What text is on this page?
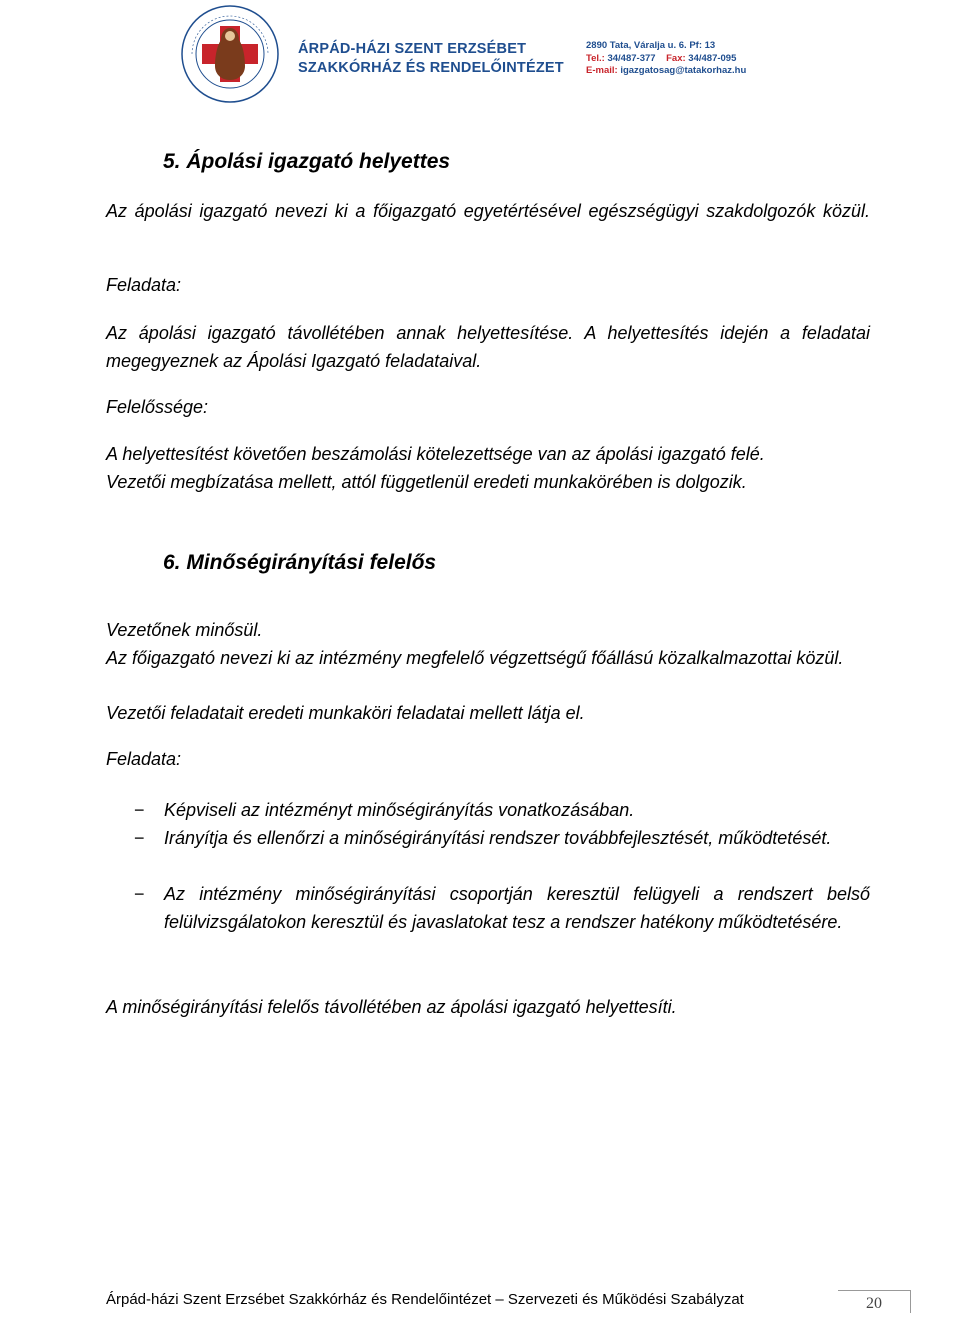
ÁRPÁD-HÁZI SZENT ERZSÉBET
SZAKKÓRHÁZ ÉS RENDELŐINTÉZET
2890 Tata, Váralja u. 6. Pf: 13
Tel.: 34/487-377 Fax: 34/487-095
E-mail: igazgatosag@tatakorhaz.hu
5. Ápolási igazgató helyettes
Az ápolási igazgató nevezi ki a főigazgató egyetértésével egészségügyi szakdolgozók közül.
Feladata:
Az ápolási igazgató távollétében annak helyettesítése. A helyettesítés idején a feladatai megegyeznek az Ápolási Igazgató feladataival.
Felelőssége:
A helyettesítést követően beszámolási kötelezettsége van az ápolási igazgató felé.
Vezetői megbízatása mellett, attól függetlenül eredeti munkakörében is dolgozik.
6. Minőségirányítási felelős
Vezetőnek minősül.
Az főigazgató nevezi ki az intézmény megfelelő végzettségű főállású közalkalmazottai közül.
Vezetői feladatait eredeti munkaköri feladatai mellett látja el.
Feladata:
− Képviseli az intézményt minőségirányítás vonatkozásában.
− Irányítja és ellenőrzi a minőségirányítási rendszer továbbfejlesztését, működtetését.
− Az intézmény minőségirányítási csoportján keresztül felügyeli a rendszert belső felülvizsgálatokon keresztül és javaslatokat tesz a rendszer hatékony működtetésére.
A minőségirányítási felelős távollétében az ápolási igazgató helyettesíti.
Árpád-házi Szent Erzsébet Szakkórház és Rendelőintézet – Szervezeti és Működési Szabályzat	20
